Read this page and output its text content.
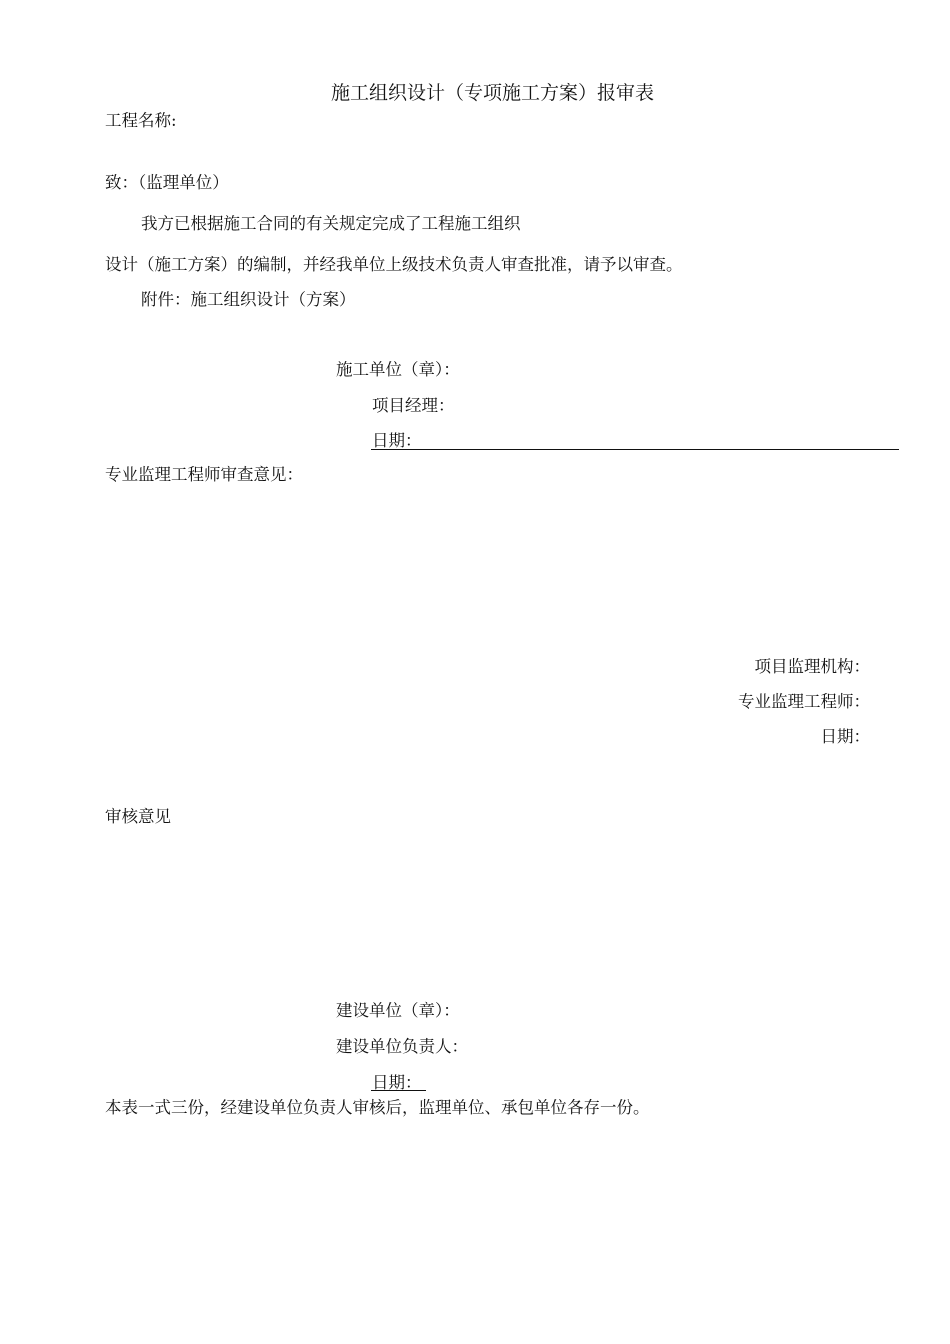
施工组织设计（专项施工方案）报审表
工程名称:
致：（监理单位）
我方已根据施工合同的有关规定完成了工程施工组织
设计（施工方案）的编制，并经我单位上级技术负责人审查批准，请予以审查。
附件：施工组织设计（方案）
施工单位（章）：
项目经理：
日期：
专业监理工程师审查意见：
项目监理机构：
专业监理工程师：
日期：
审核意见
建设单位（章）：
建设单位负责人：
日期：
本表一式三份，经建设单位负责人审核后，监理单位、承包单位各存一份。
